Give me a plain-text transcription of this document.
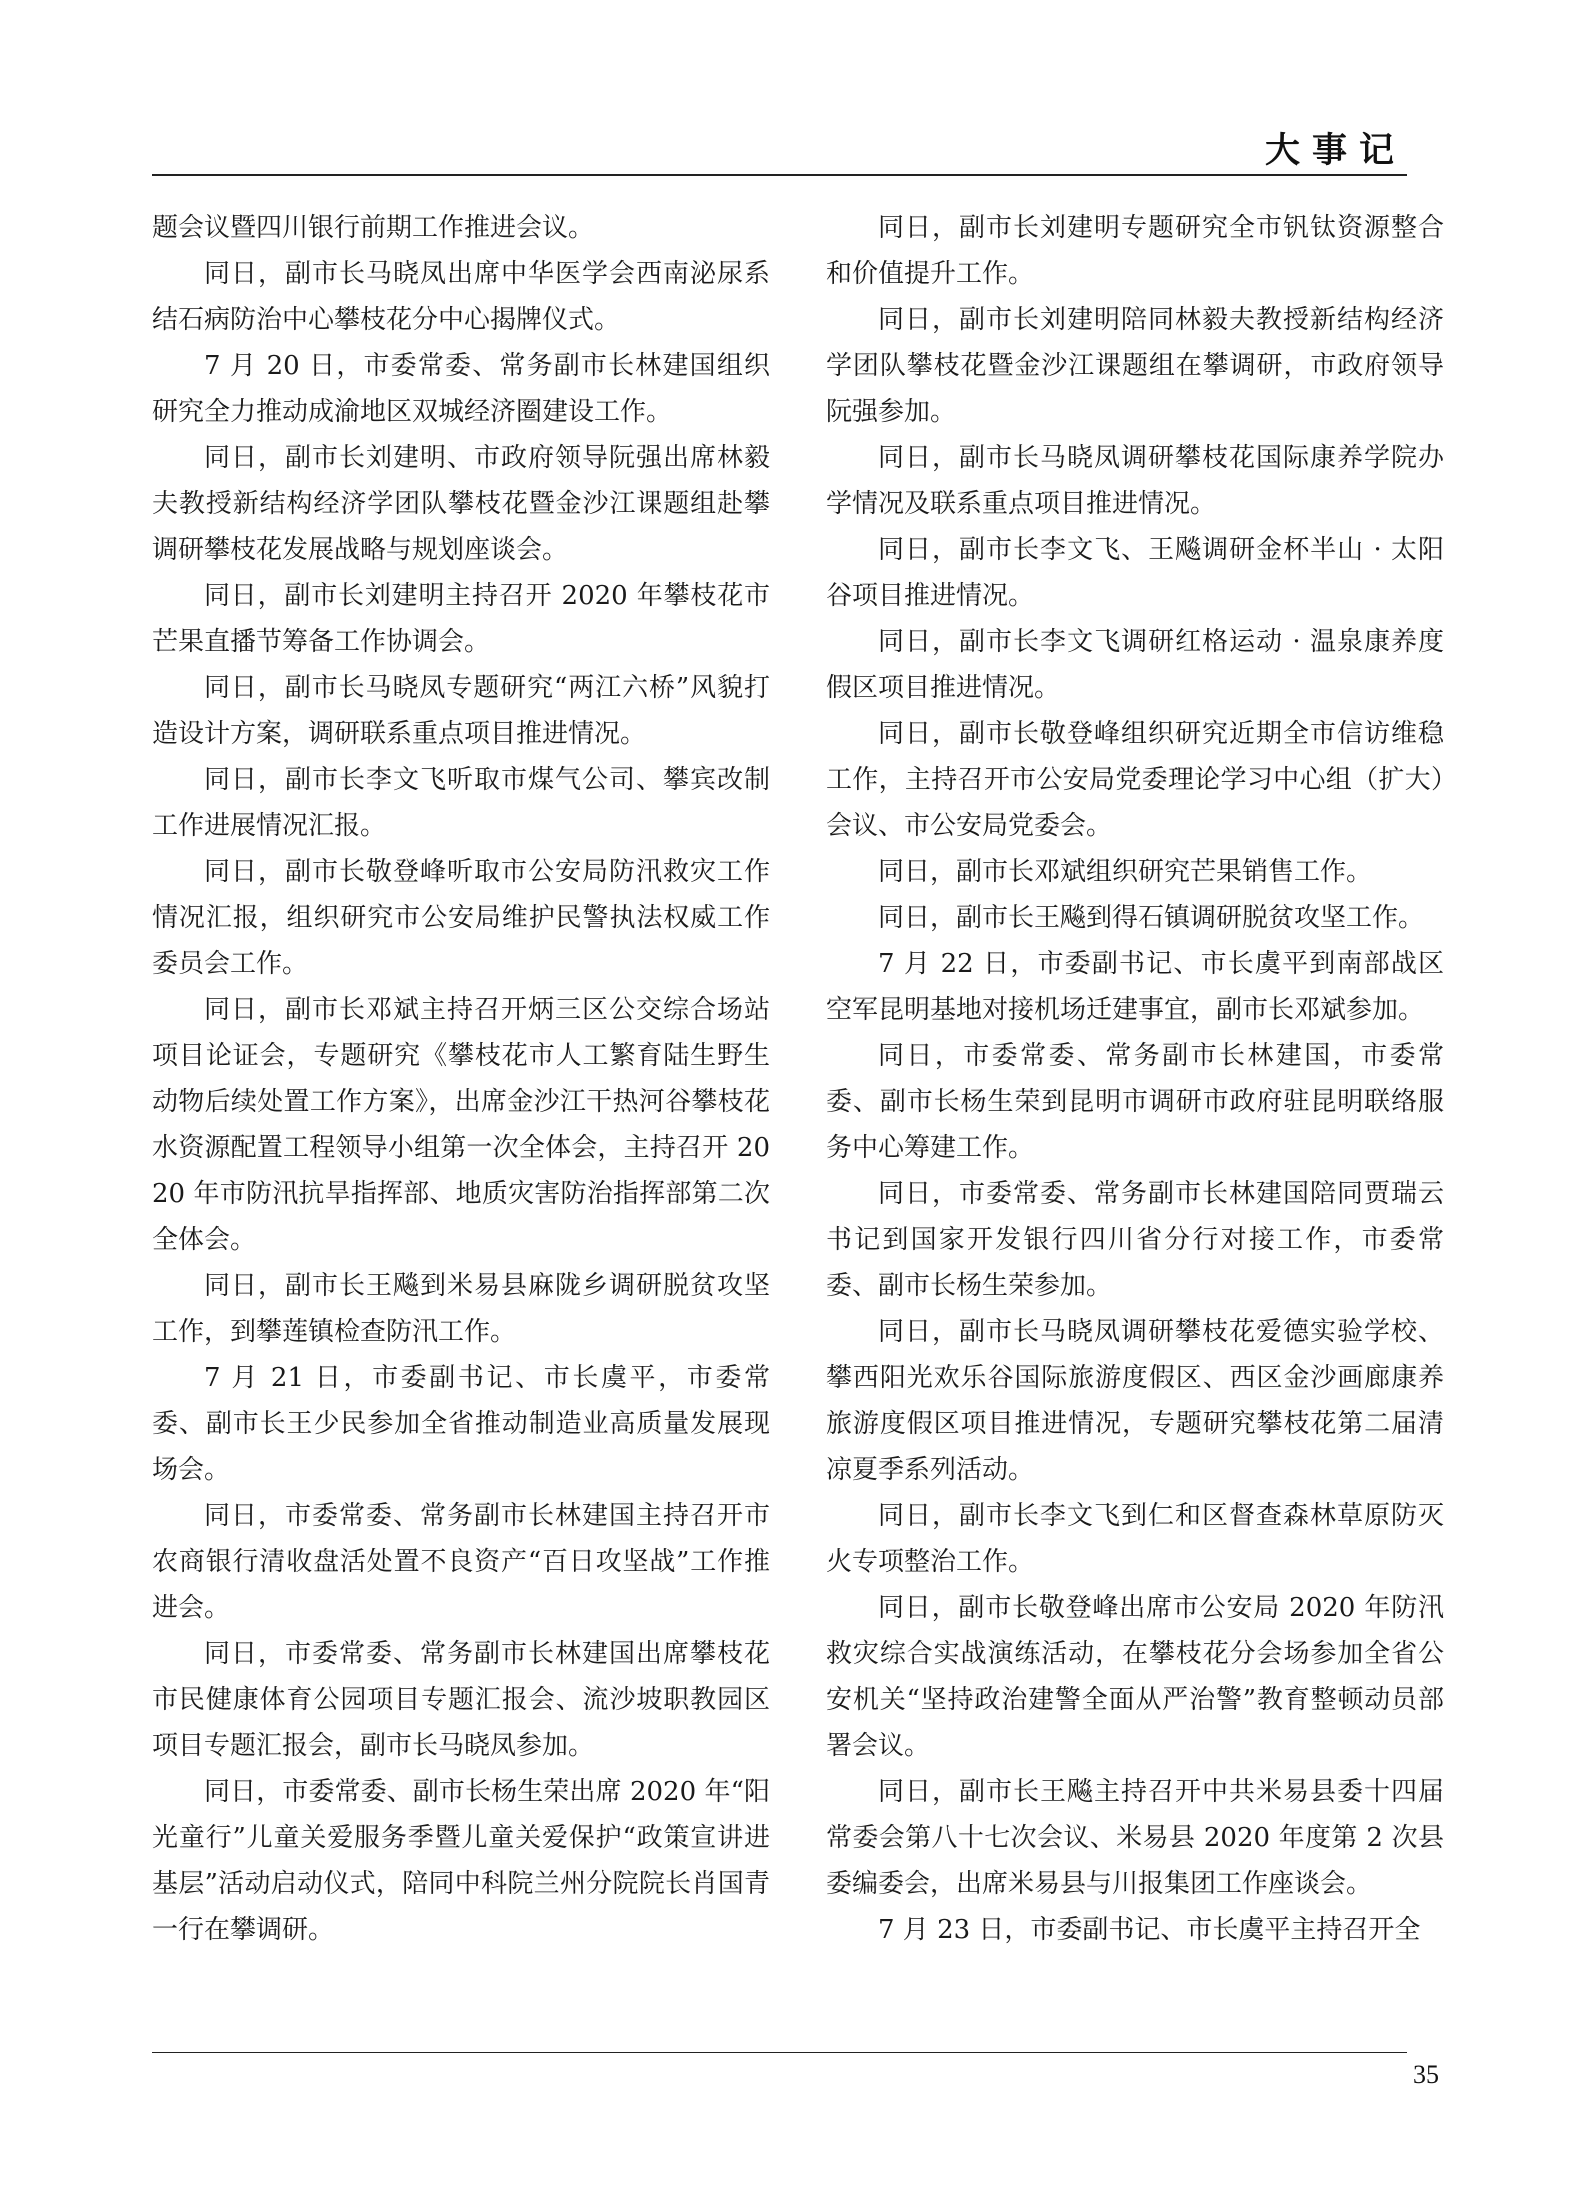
大事记

题会议暨四川银行前期工作推进会议。

同日，副市长马晓凤出席中华医学会西南泌尿系结石病防治中心攀枝花分中心揭牌仪式。

7 月 20 日，市委常委、常务副市长林建国组织研究全力推动成渝地区双城经济圈建设工作。

同日，副市长刘建明、市政府领导阮强出席林毅夫教授新结构经济学团队攀枝花暨金沙江课题组赴攀调研攀枝花发展战略与规划座谈会。

同日，副市长刘建明主持召开 2020 年攀枝花市芒果直播节筹备工作协调会。

同日，副市长马晓凤专题研究“两江六桥”风貌打造设计方案，调研联系重点项目推进情况。

同日，副市长李文飞听取市煤气公司、攀宾改制工作进展情况汇报。

同日，副市长敬登峰听取市公安局防汛救灾工作情况汇报，组织研究市公安局维护民警执法权威工作委员会工作。

同日，副市长邓斌主持召开炳三区公交综合场站项目论证会，专题研究《攀枝花市人工繁育陆生野生动物后续处置工作方案》，出席金沙江干热河谷攀枝花水资源配置工程领导小组第一次全体会，主持召开 2020 年市防汛抗旱指挥部、地质灾害防治指挥部第二次全体会。

同日，副市长王飚到米易县麻陇乡调研脱贫攻坚工作，到攀莲镇检查防汛工作。

7 月 21 日，市委副书记、市长虞平，市委常委、副市长王少民参加全省推动制造业高质量发展现场会。

同日，市委常委、常务副市长林建国主持召开市农商银行清收盘活处置不良资产“百日攻坚战”工作推进会。

同日，市委常委、常务副市长林建国出席攀枝花市民健康体育公园项目专题汇报会、流沙坡职教园区项目专题汇报会，副市长马晓凤参加。

同日，市委常委、副市长杨生荣出席 2020 年“阳光童行”儿童关爱服务季暨儿童关爱保护“政策宣讲进基层”活动启动仪式，陪同中科院兰州分院院长肖国青一行在攀调研。

同日，副市长刘建明专题研究全市钒钛资源整合和价值提升工作。

同日，副市长刘建明陪同林毅夫教授新结构经济学团队攀枝花暨金沙江课题组在攀调研，市政府领导阮强参加。

同日，副市长马晓凤调研攀枝花国际康养学院办学情况及联系重点项目推进情况。

同日，副市长李文飞、王飚调研金杯半山 · 太阳谷项目推进情况。

同日，副市长李文飞调研红格运动 · 温泉康养度假区项目推进情况。

同日，副市长敬登峰组织研究近期全市信访维稳工作，主持召开市公安局党委理论学习中心组（扩大）会议、市公安局党委会。

同日，副市长邓斌组织研究芒果销售工作。

同日，副市长王飚到得石镇调研脱贫攻坚工作。

7 月 22 日，市委副书记、市长虞平到南部战区空军昆明基地对接机场迁建事宜，副市长邓斌参加。

同日，市委常委、常务副市长林建国，市委常委、副市长杨生荣到昆明市调研市政府驻昆明联络服务中心筹建工作。

同日，市委常委、常务副市长林建国陪同贾瑞云书记到国家开发银行四川省分行对接工作，市委常委、副市长杨生荣参加。

同日，副市长马晓凤调研攀枝花爱德实验学校、攀西阳光欢乐谷国际旅游度假区、西区金沙画廊康养旅游度假区项目推进情况，专题研究攀枝花第二届清凉夏季系列活动。

同日，副市长李文飞到仁和区督查森林草原防灭火专项整治工作。

同日，副市长敬登峰出席市公安局 2020 年防汛救灾综合实战演练活动，在攀枝花分会场参加全省公安机关“坚持政治建警全面从严治警”教育整顿动员部署会议。

同日，副市长王飚主持召开中共米易县委十四届常委会第八十七次会议、米易县 2020 年度第 2 次县委编委会，出席米易县与川报集团工作座谈会。

7 月 23 日，市委副书记、市长虞平主持召开全

35
